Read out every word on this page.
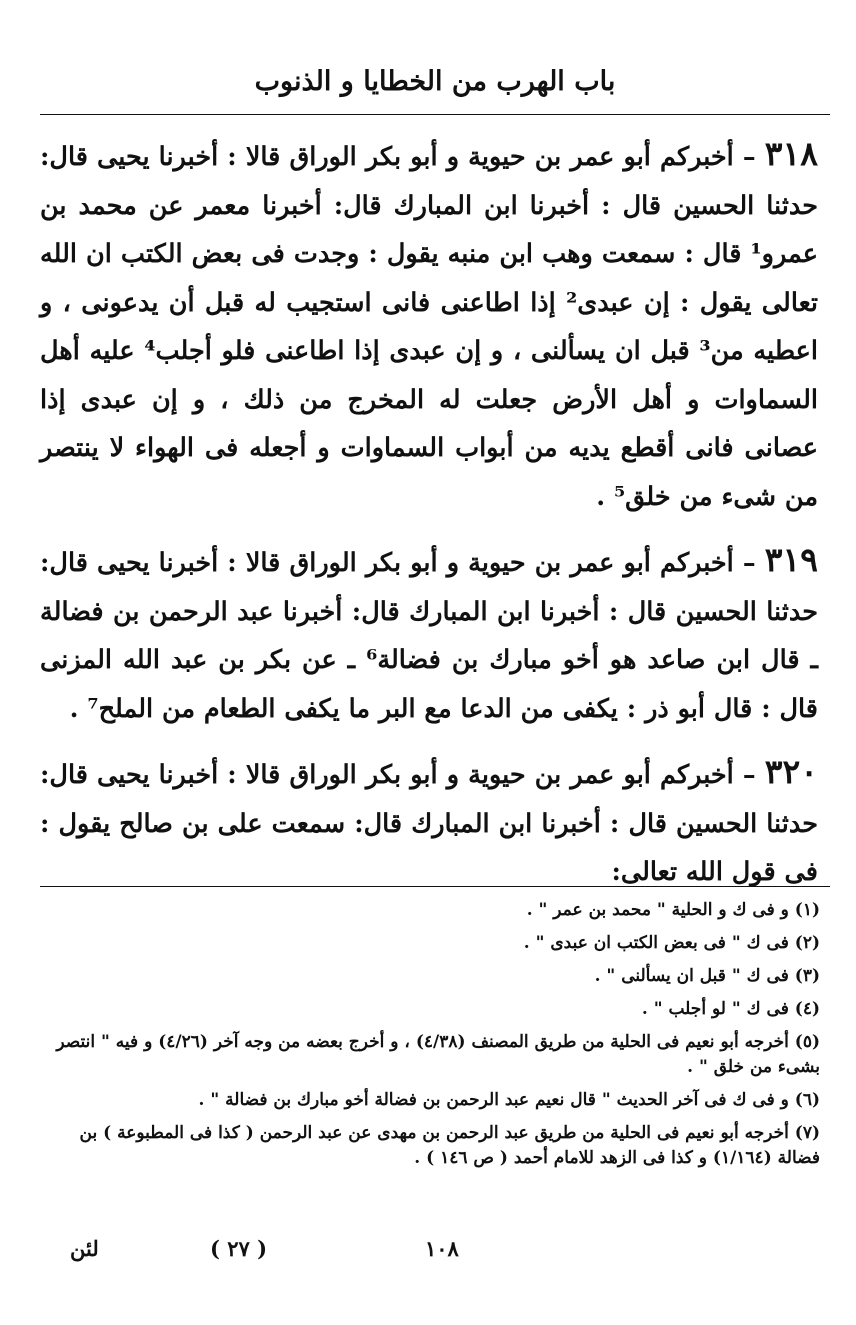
باب الهرب من الخطايا و الذنوب

٣١٨ – أخبركم أبو عمر بن حيوية و أبو بكر الوراق قالا : أخبرنا يحيى قال: حدثنا الحسين قال : أخبرنا ابن المبارك قال: أخبرنا معمر عن محمد بن عمرو¹ قال : سمعت وهب ابن منبه يقول : وجدت فى بعض الكتب ان الله تعالى يقول : إن عبدى² إذا اطاعنى فانى استجيب له قبل أن يدعونى ، و اعطيه من³ قبل ان يسألنى ، و إن عبدى إذا اطاعنى فلو أجلب⁴ عليه أهل السماوات و أهل الأرض جعلت له المخرج من ذلك ، و إن عبدى إذا عصانى فانى أقطع يديه من أبواب السماوات و أجعله فى الهواء لا ينتصر من شىء من خلق⁵ .

٣١٩ – أخبركم أبو عمر بن حيوية و أبو بكر الوراق قالا : أخبرنا يحيى قال: حدثنا الحسين قال : أخبرنا ابن المبارك قال: أخبرنا عبد الرحمن بن فضالة ـ قال ابن صاعد هو أخو مبارك بن فضالة⁶ ـ عن بكر بن عبد الله المزنى قال : قال أبو ذر : يكفى من الدعا مع البر ما يكفى الطعام من الملح⁷ .

٣٢٠ – أخبركم أبو عمر بن حيوية و أبو بكر الوراق قالا : أخبرنا يحيى قال: حدثنا الحسين قال : أخبرنا ابن المبارك قال: سمعت على بن صالح يقول : فى قول الله تعالى:

(١) و فى ك و الحلية " محمد بن عمر " .

(٢) فى ك " فى بعض الكتب ان عبدى " .

(٣) فى ك " قبل ان يسألنى " .

(٤) فى ك " لو أجلب " .

(٥) أخرجه أبو نعيم فى الحلية من طريق المصنف (٤/٣٨) ، و أخرج بعضه من وجه آخر (٤/٢٦) و فيه " انتصر بشىء من خلق " .

(٦) و فى ك فى آخر الحديث " قال نعيم عبد الرحمن بن فضالة أخو مبارك بن فضالة " .

(٧) أخرجه أبو نعيم فى الحلية من طريق عبد الرحمن بن مهدى عن عبد الرحمن ( كذا فى المطبوعة ) بن فضالة (١/١٦٤) و كذا فى الزهد للامام أحمد ( ص ١٤٦ ) .

لئن	( ٢٧ )	١٠٨
